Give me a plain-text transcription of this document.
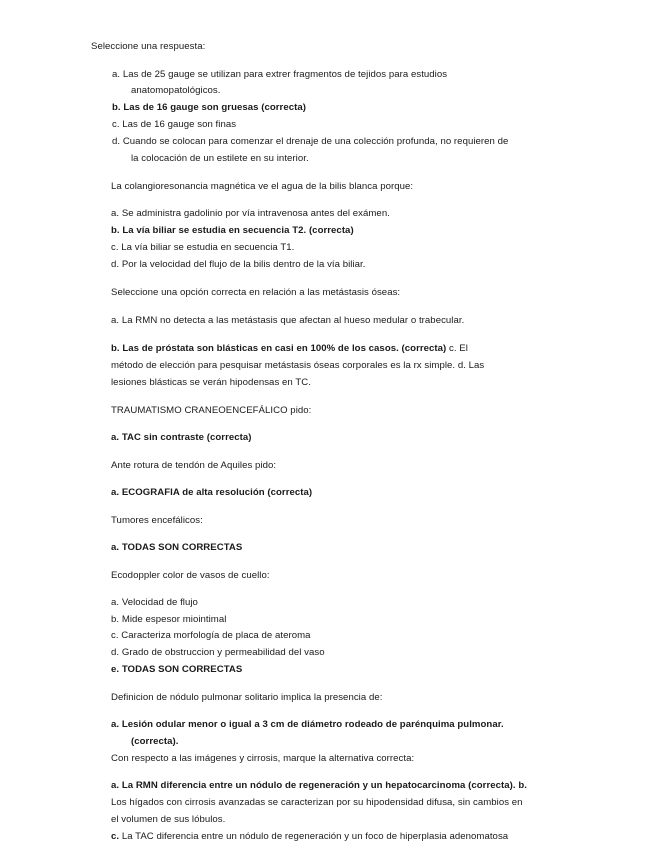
Seleccione una respuesta:
a. Las de 25 gauge se utilizan para extrer fragmentos de tejidos para estudios
anatomopatológicos.
b. Las de 16 gauge son gruesas (correcta)
c. Las de 16 gauge son finas
d. Cuando se colocan para comenzar el drenaje de una colección profunda, no requieren de
la colocación de un estilete en su interior.
La colangioresonancia magnética ve el agua de la bilis blanca porque:
a. Se administra gadolinio por vía intravenosa antes del exámen.
b. La vía biliar se estudia en secuencia T2. (correcta)
c. La vía biliar se estudia en secuencia T1.
d. Por la velocidad del flujo de la bilis dentro de la vía biliar.
Seleccione una opción correcta en relación a las metástasis óseas:
a. La RMN no detecta a las metástasis que afectan al hueso medular o trabecular.
b. Las de próstata son blásticas en casi en 100% de los casos. (correcta) c. El
método de elección para pesquisar metástasis óseas corporales es la rx simple. d. Las
lesiones blásticas se verán hipodensas en TC.
TRAUMATISMO CRANEOENCEFÁLICO pido:
a. TAC sin contraste (correcta)
Ante rotura de tendón de Aquiles pido:
a. ECOGRAFIA de alta resolución (correcta)
Tumores encefálicos:
a. TODAS SON CORRECTAS
Ecodoppler color de vasos de cuello:
a. Velocidad de flujo
b. Mide espesor miointimal
c. Caracteriza morfología de placa de ateroma
d. Grado de obstruccion y permeabilidad del vaso
e. TODAS SON CORRECTAS
Definicion de nódulo pulmonar solitario implica la presencia de:
a. Lesión odular menor o igual a 3 cm de diámetro rodeado de parénquima pulmonar.
(correcta).
Con respecto a las imágenes y cirrosis, marque la alternativa correcta:
a. La RMN diferencia entre un nódulo de regeneración y un hepatocarcinoma (correcta). b.
Los hígados con cirrosis avanzadas se caracterizan por su hipodensidad difusa, sin cambios en
el volumen de sus lóbulos.
c. La TAC diferencia entre un nódulo de regeneración y un foco de hiperplasia adenomatosa
